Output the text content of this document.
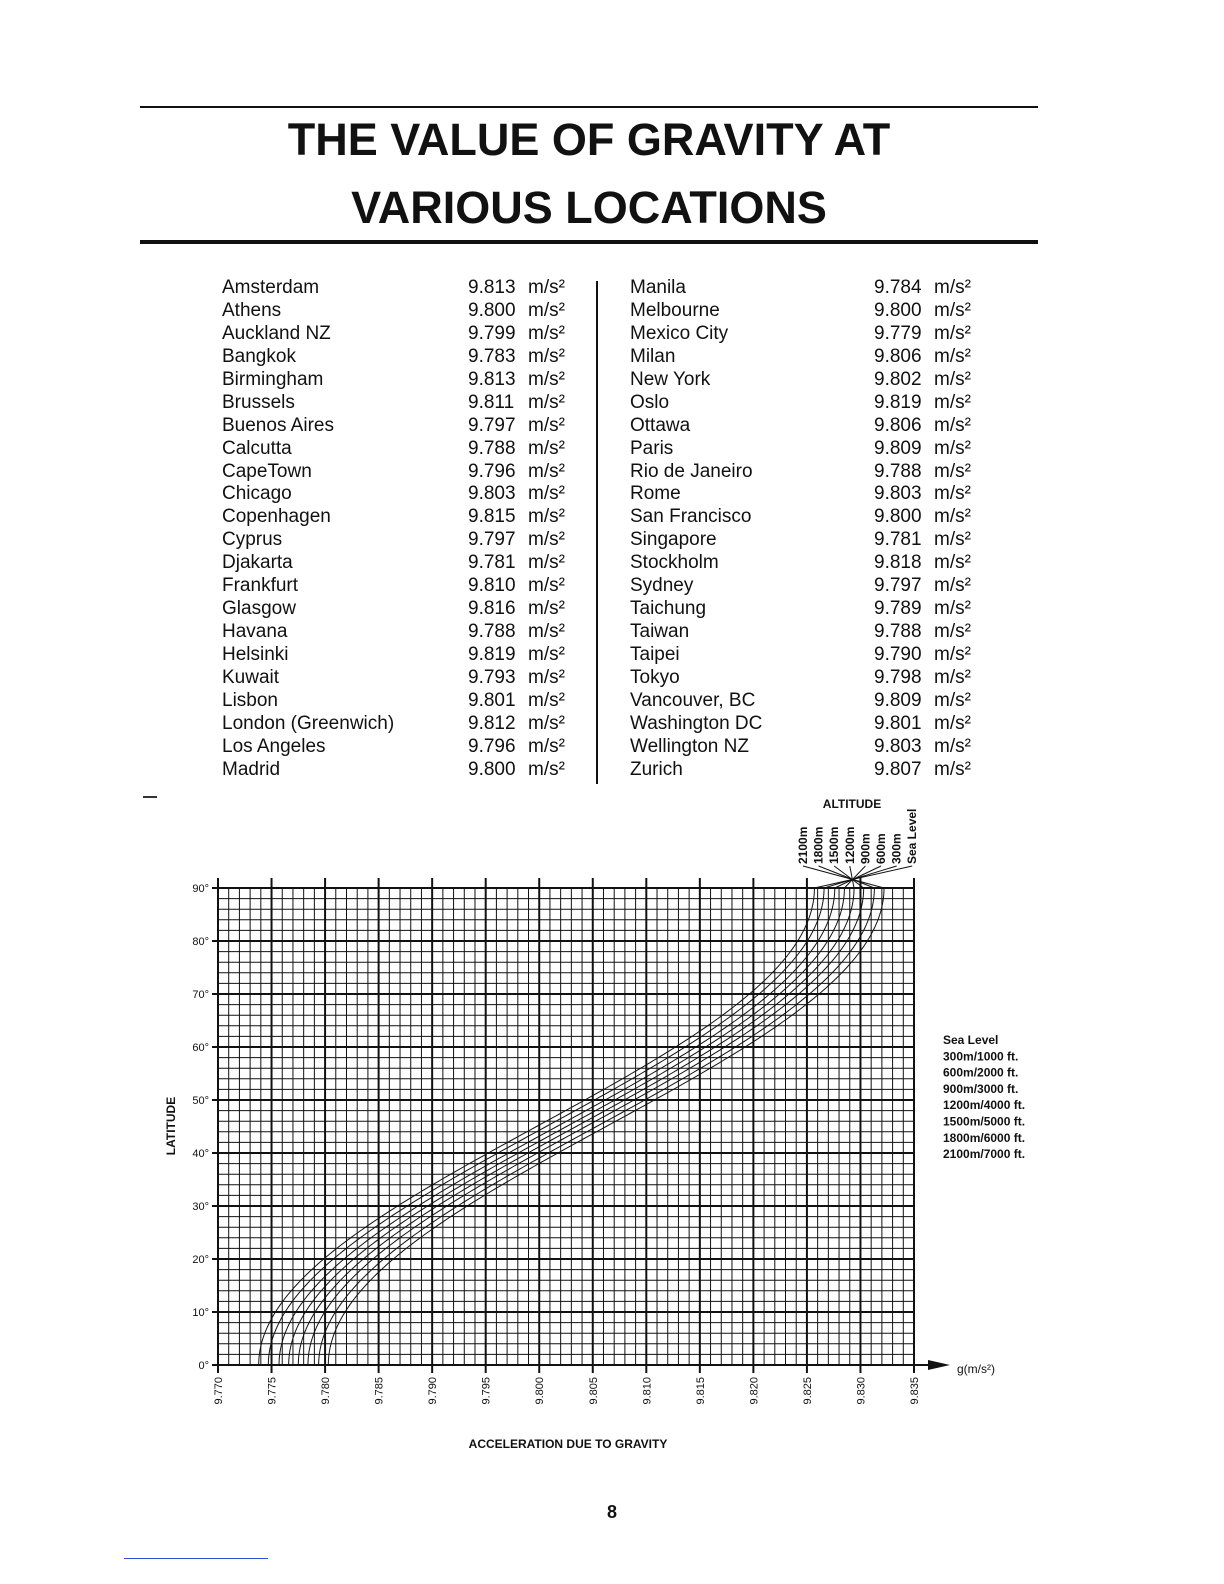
THE VALUE OF GRAVITY AT
VARIOUS LOCATIONS
Amsterdam	9.813 m/s²
Athens	9.800 m/s²
Auckland NZ	9.799 m/s²
Bangkok	9.783 m/s²
Birmingham	9.813 m/s²
Brussels	9.811 m/s²
Buenos Aires	9.797 m/s²
Calcutta	9.788 m/s²
CapeTown	9.796 m/s²
Chicago	9.803 m/s²
Copenhagen	9.815 m/s²
Cyprus	9.797 m/s²
Djakarta	9.781 m/s²
Frankfurt	9.810 m/s²
Glasgow	9.816 m/s²
Havana	9.788 m/s²
Helsinki	9.819 m/s²
Kuwait	9.793 m/s²
Lisbon	9.801 m/s²
London (Greenwich)	9.812 m/s²
Los Angeles	9.796 m/s²
Madrid	9.800 m/s²
Manila	9.784 m/s²
Melbourne	9.800 m/s²
Mexico City	9.779 m/s²
Milan	9.806 m/s²
New York	9.802 m/s²
Oslo	9.819 m/s²
Ottawa	9.806 m/s²
Paris	9.809 m/s²
Rio de Janeiro	9.788 m/s²
Rome	9.803 m/s²
San Francisco	9.800 m/s²
Singapore	9.781 m/s²
Stockholm	9.818 m/s²
Sydney	9.797 m/s²
Taichung	9.789 m/s²
Taiwan	9.788 m/s²
Taipei	9.790 m/s²
Tokyo	9.798 m/s²
Vancouver, BC	9.809 m/s²
Washington DC	9.801 m/s²
Wellington NZ	9.803 m/s²
Zurich	9.807 m/s²
0°
10°
20°
30°
40°
50°
60°
70°
80°
90°
g(m/s²)
9.770	9.775	9.780	9.785	9.790	9.795	9.800	9.805	9.810	9.815	9.820	9.825	9.830	9.835
ACCELERATION DUE TO GRAVITY
LATITUDE
ALTITUDE
2100m 1800m 1500m 1200m 900m 600m 300m Sea Level
Sea Level
300m/1000 ft.
600m/2000 ft.
900m/3000 ft.
1200m/4000 ft.
1500m/5000 ft.
1800m/6000 ft.
2100m/7000 ft.
8
